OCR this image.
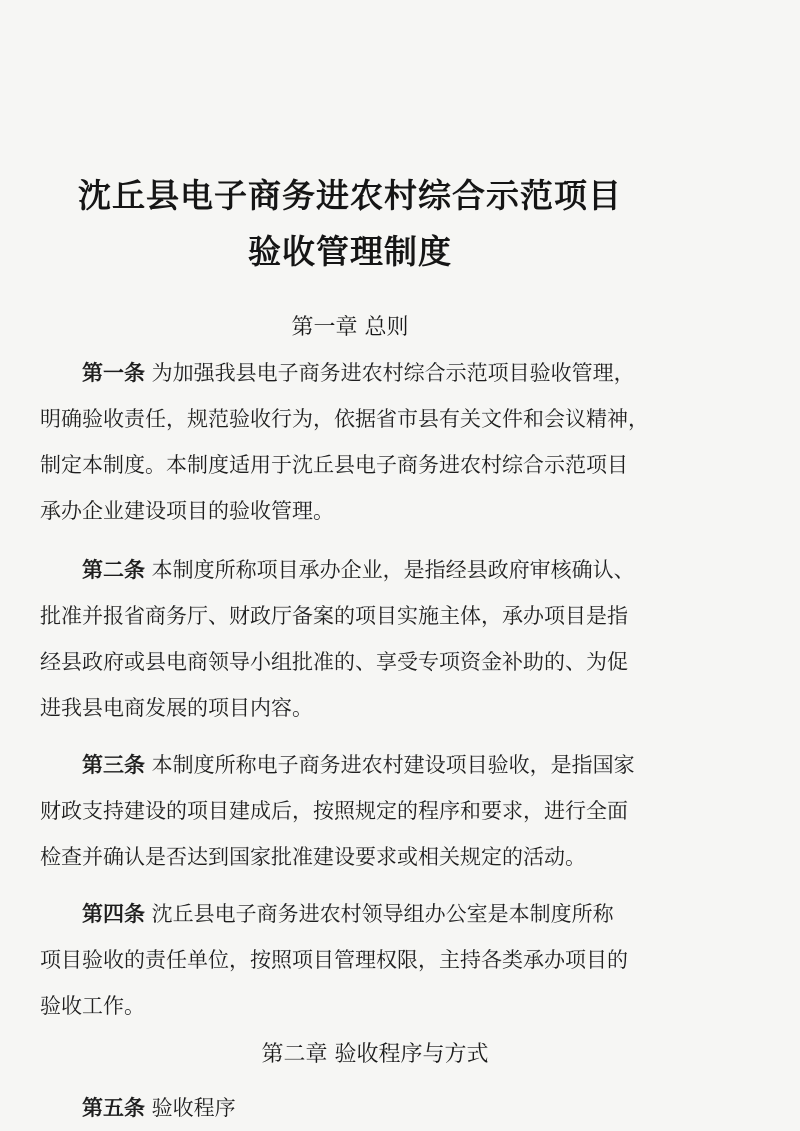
沈丘县电子商务进农村综合示范项目
验收管理制度
第一章 总则
第一条 为加强我县电子商务进农村综合示范项目验收管理，
明确验收责任，规范验收行为，依据省市县有关文件和会议精神，
制定本制度。本制度适用于沈丘县电子商务进农村综合示范项目
承办企业建设项目的验收管理。
第二条 本制度所称项目承办企业，是指经县政府审核确认、
批准并报省商务厅、财政厅备案的项目实施主体，承办项目是指
经县政府或县电商领导小组批准的、享受专项资金补助的、为促
进我县电商发展的项目内容。
第三条 本制度所称电子商务进农村建设项目验收，是指国家
财政支持建设的项目建成后，按照规定的程序和要求，进行全面
检查并确认是否达到国家批准建设要求或相关规定的活动。
第四条 沈丘县电子商务进农村领导组办公室是本制度所称
项目验收的责任单位，按照项目管理权限，主持各类承办项目的
验收工作。
第二章 验收程序与方式
第五条 验收程序
